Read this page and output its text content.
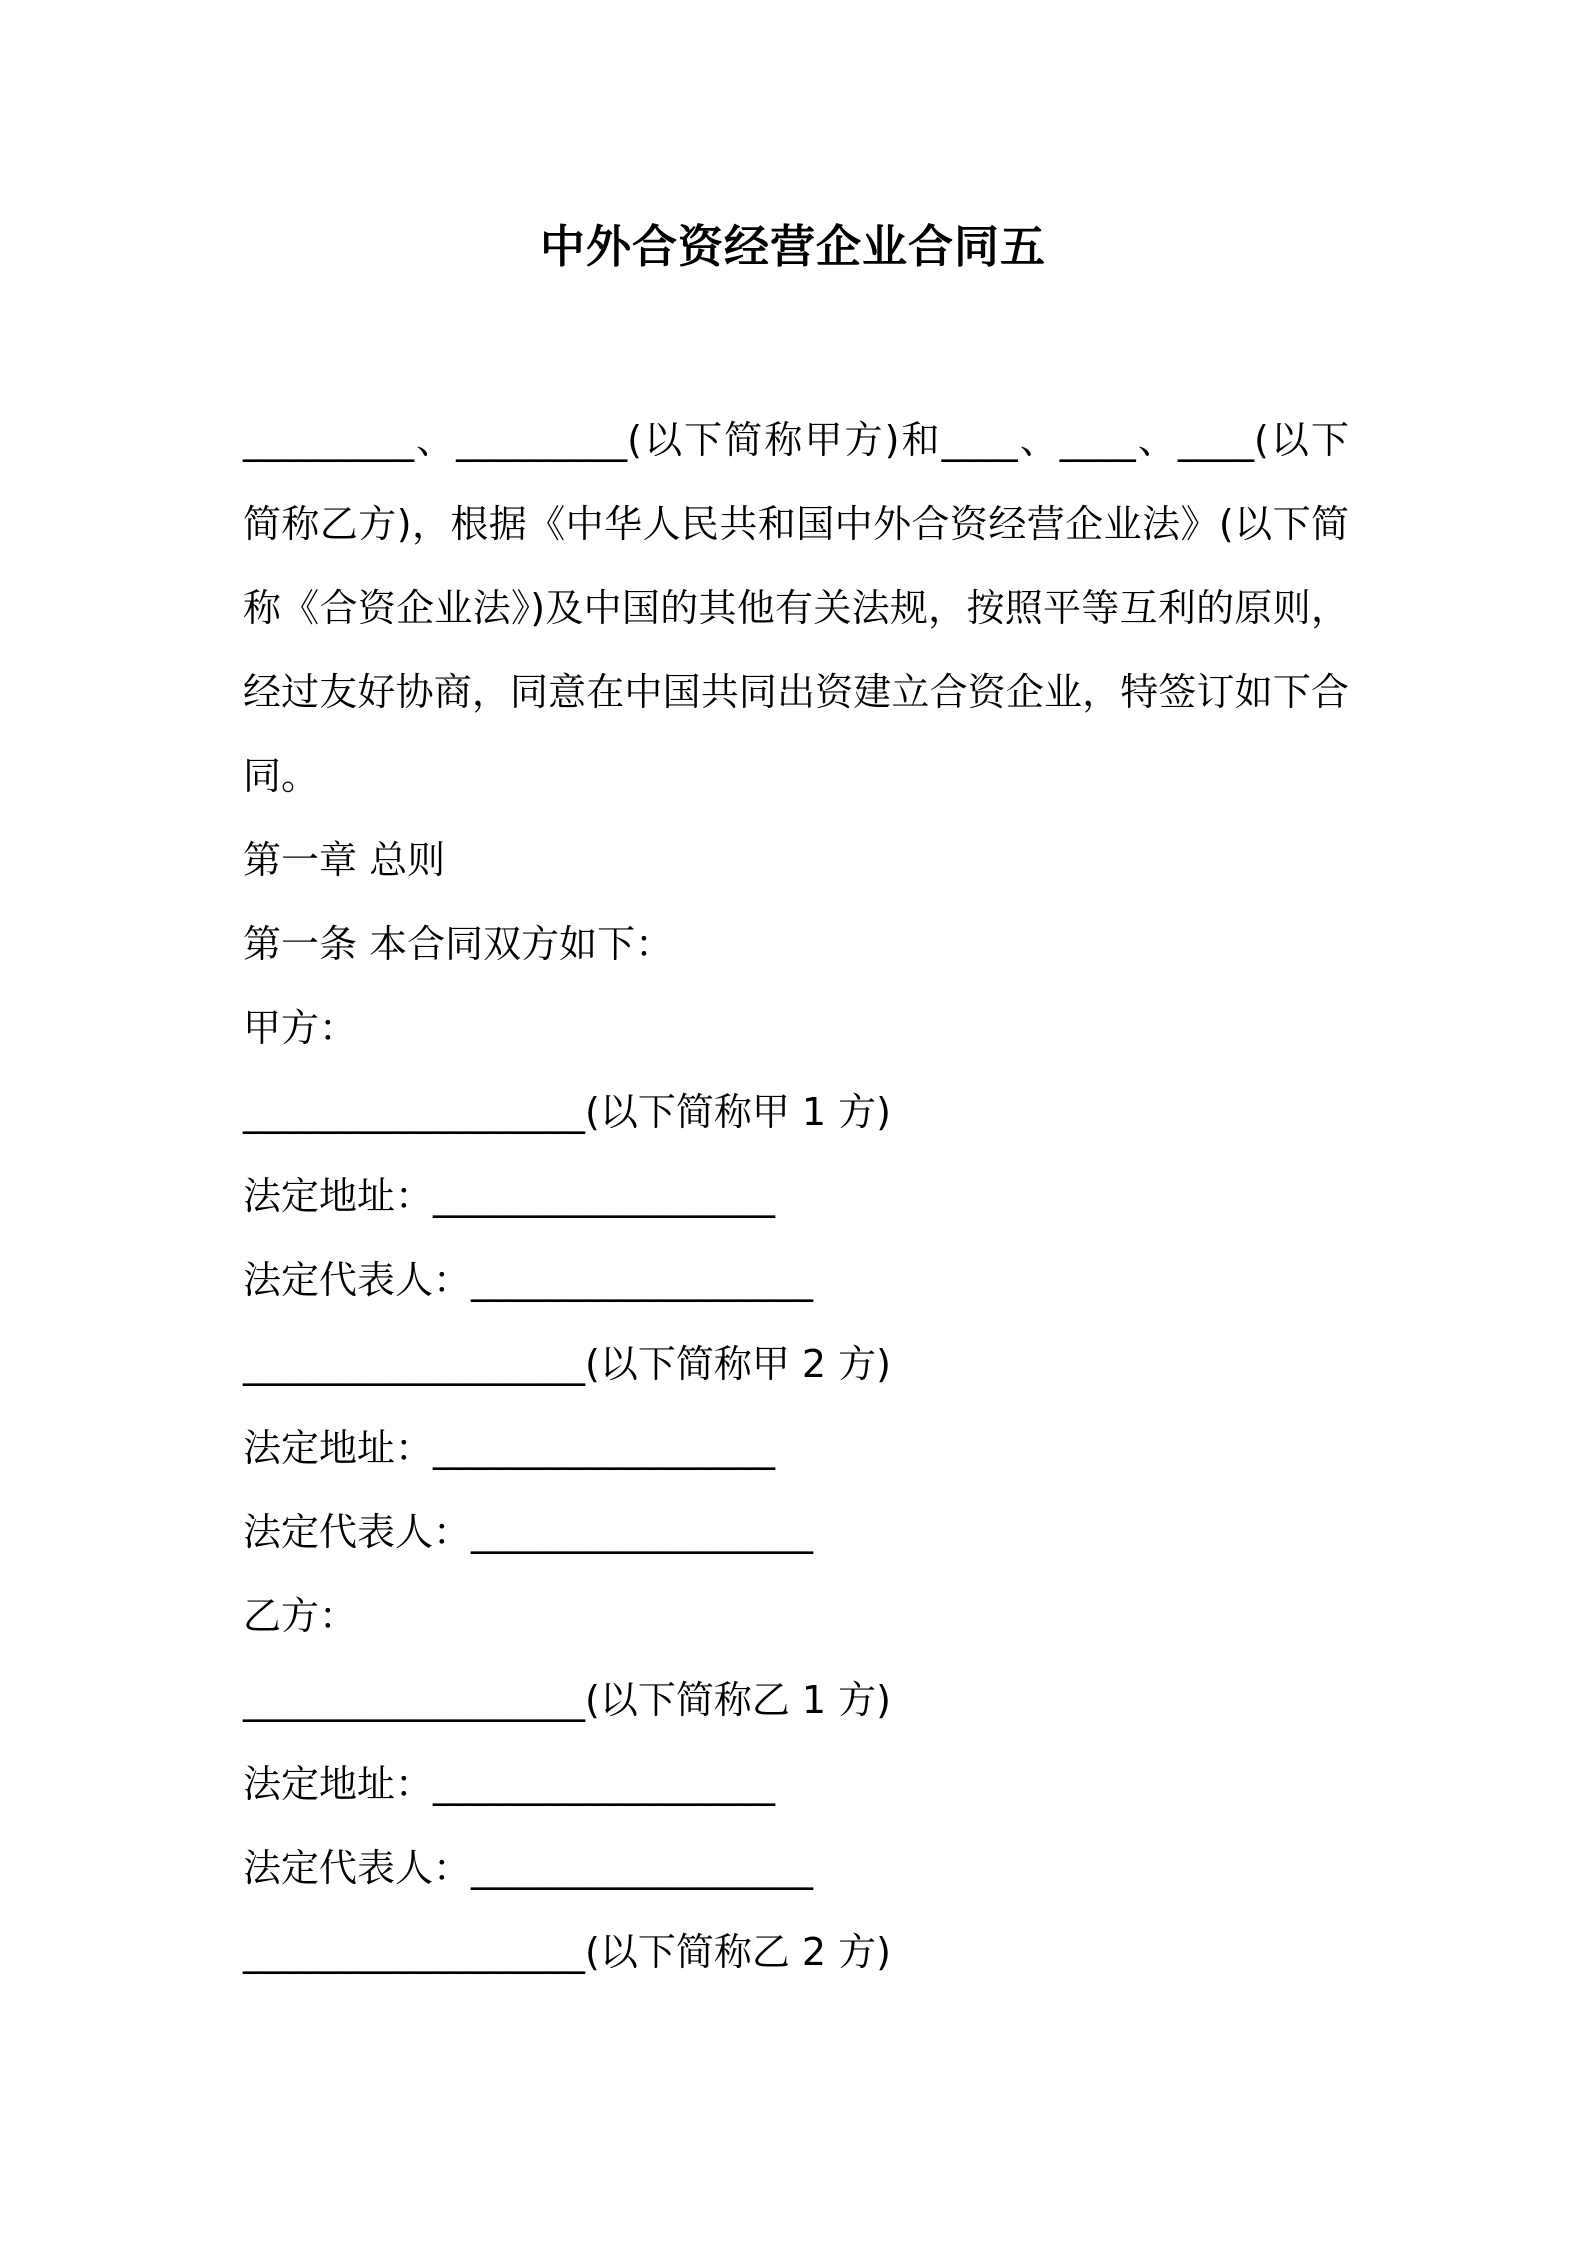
中外合资经营企业合同五

_________、_________(以下简称甲方)和____、____、____(以下简称乙方)，根据《中华人民共和国中外合资经营企业法》(以下简称《合资企业法》)及中国的其他有关法规，按照平等互利的原则，经过友好协商，同意在中国共同出资建立合资企业，特签订如下合同。

第一章 总则

第一条 本合同双方如下：

甲方：

__________________(以下简称甲 1 方)

法定地址：__________________

法定代表人：__________________

__________________(以下简称甲 2 方)

法定地址：__________________

法定代表人：__________________

乙方：

__________________(以下简称乙 1 方)

法定地址：__________________

法定代表人：__________________

__________________(以下简称乙 2 方)
